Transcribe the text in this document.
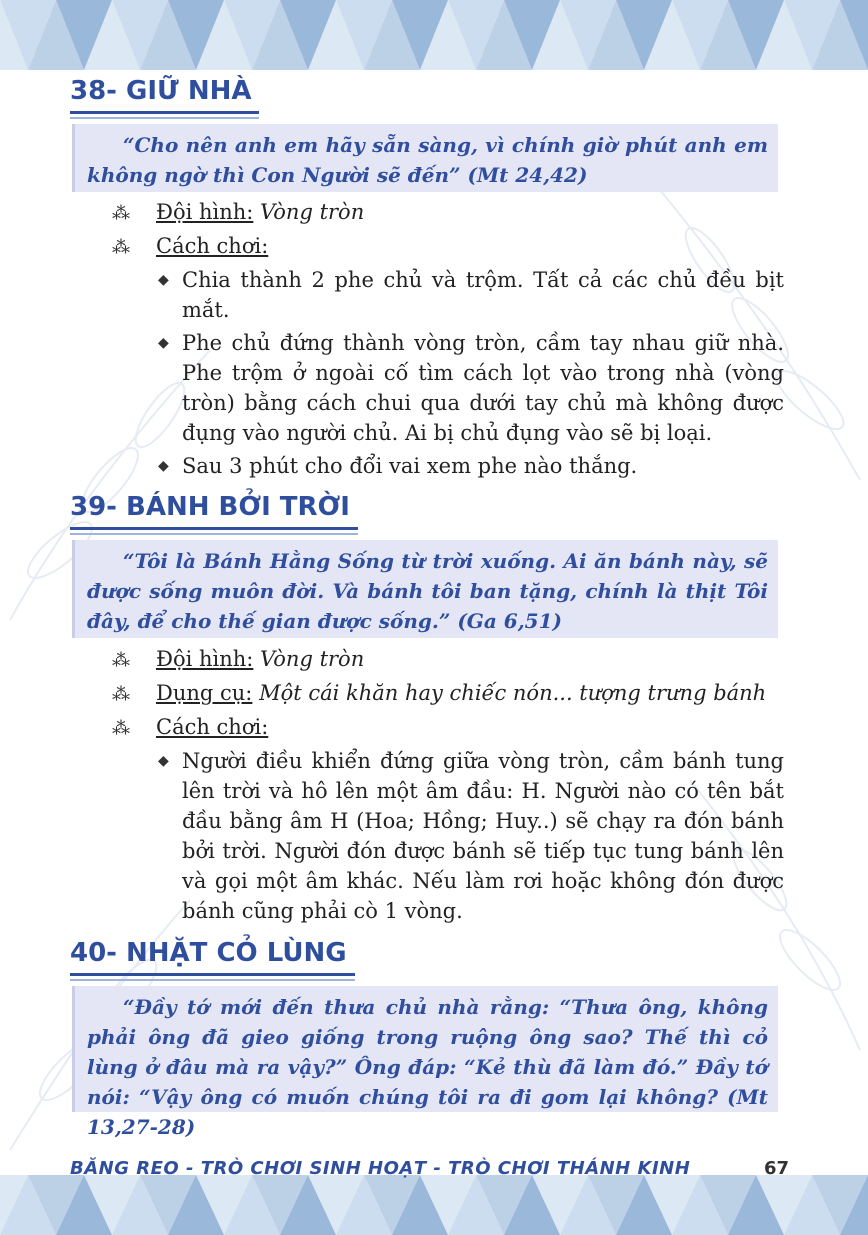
38- GIỮ NHÀ
“Cho nên anh em hãy sẵn sàng, vì chính giờ phút anh em không ngờ thì Con Người sẽ đến” (Mt 24,42)
⁂ Đội hình: Vòng tròn
⁂ Cách chơi:
◆ Chia thành 2 phe chủ và trộm. Tất cả các chủ đều bịt mắt.
◆ Phe chủ đứng thành vòng tròn, cầm tay nhau giữ nhà. Phe trộm ở ngoài cố tìm cách lọt vào trong nhà (vòng tròn) bằng cách chui qua dưới tay chủ mà không được đụng vào người chủ. Ai bị chủ đụng vào sẽ bị loại.
◆ Sau 3 phút cho đổi vai xem phe nào thắng.
39- BÁNH BỞI TRỜI
“Tôi là Bánh Hằng Sống từ trời xuống. Ai ăn bánh này, sẽ được sống muôn đời. Và bánh tôi ban tặng, chính là thịt Tôi đây, để cho thế gian được sống.” (Ga 6,51)
⁂ Đội hình: Vòng tròn
⁂ Dụng cụ: Một cái khăn hay chiếc nón... tượng trưng bánh
⁂ Cách chơi:
◆ Người điều khiển đứng giữa vòng tròn, cầm bánh tung lên trời và hô lên một âm đầu: H. Người nào có tên bắt đầu bằng âm H (Hoa; Hồng; Huy..) sẽ chạy ra đón bánh bởi trời. Người đón được bánh sẽ tiếp tục tung bánh lên và gọi một âm khác. Nếu làm rơi hoặc không đón được bánh cũng phải cò 1 vòng.
40- NHẶT CỎ LÙNG
“Đầy tớ mới đến thưa chủ nhà rằng: “Thưa ông, không phải ông đã gieo giống trong ruộng ông sao? Thế thì cỏ lùng ở đâu mà ra vậy?” Ông đáp: “Kẻ thù đã làm đó.” Đầy tớ nói: “Vậy ông có muốn chúng tôi ra đi gom lại không? (Mt 13,27-28)
BĂNG REO - TRÒ CHƠI SINH HOẠT - TRÒ CHƠI THÁNH KINH	67
